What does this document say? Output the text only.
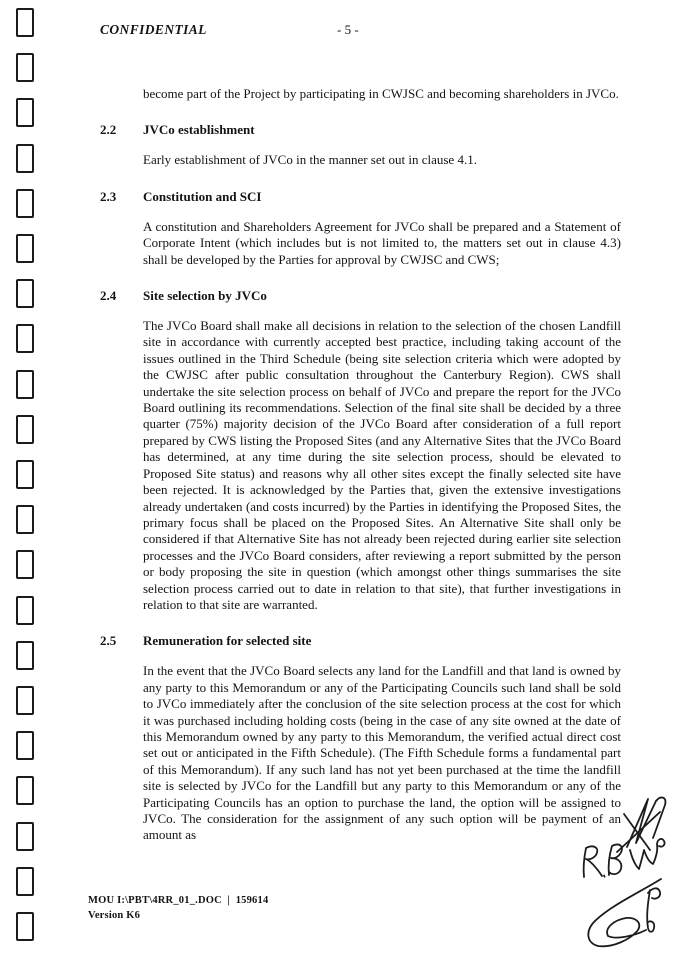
CONFIDENTIAL	- 5 -

become part of the Project by participating in CWJSC and becoming shareholders in JVCo.

2.2	JVCo establishment

Early establishment of JVCo in the manner set out in clause 4.1.

2.3	Constitution and SCI

A constitution and Shareholders Agreement for JVCo shall be prepared and a Statement of Corporate Intent (which includes but is not limited to, the matters set out in clause 4.3) shall be developed by the Parties for approval by CWJSC and CWS;

2.4	Site selection by JVCo

The JVCo Board shall make all decisions in relation to the selection of the chosen Landfill site in accordance with currently accepted best practice, including taking account of the issues outlined in the Third Schedule (being site selection criteria which were adopted by the CWJSC after public consultation throughout the Canterbury Region). CWS shall undertake the site selection process on behalf of JVCo and prepare the report for the JVCo Board outlining its recommendations. Selection of the final site shall be decided by a three quarter (75%) majority decision of the JVCo Board after consideration of a full report prepared by CWS listing the Proposed Sites (and any Alternative Sites that the JVCo Board has determined, at any time during the site selection process, should be elevated to Proposed Site status) and reasons why all other sites except the finally selected site have been rejected. It is acknowledged by the Parties that, given the extensive investigations already undertaken (and costs incurred) by the Parties in identifying the Proposed Sites, the primary focus shall be placed on the Proposed Sites. An Alternative Site shall only be considered if that Alternative Site has not already been rejected during earlier site selection processes and the JVCo Board considers, after reviewing a report submitted by the person or body proposing the site in question (which amongst other things summarises the site selection process carried out to date in relation to that site), that further investigations in relation to that site are warranted.

2.5	Remuneration for selected site

In the event that the JVCo Board selects any land for the Landfill and that land is owned by any party to this Memorandum or any of the Participating Councils such land shall be sold to JVCo immediately after the conclusion of the site selection process at the cost for which it was purchased including holding costs (being in the case of any site owned at the date of this Memorandum owned by any party to this Memorandum, the verified actual direct cost set out or anticipated in the Fifth Schedule). (The Fifth Schedule forms a fundamental part of this Memorandum). If any such land has not yet been purchased at the time the landfill site is selected by JVCo for the Landfill but any party to this Memorandum or any of the Participating Councils has an option to purchase the land, the option will be assigned to JVCo. The consideration for the assignment of any such option will be payment of an amount as

MOU I:\PBT\4RR_01_.DOC  |  159614
Version K6
